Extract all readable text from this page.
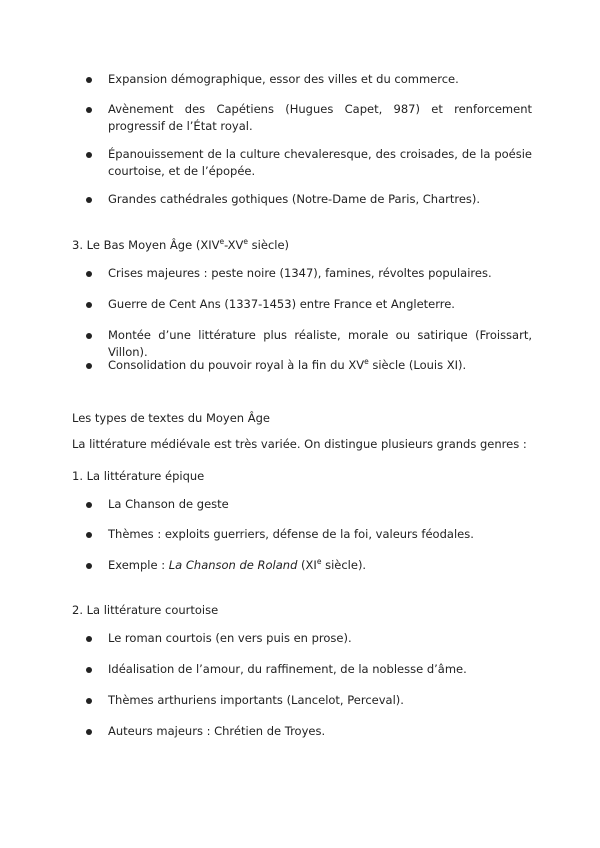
Expansion démographique, essor des villes et du commerce.
Avènement des Capétiens (Hugues Capet, 987) et renforcement progressif de l’État royal.
Épanouissement de la culture chevaleresque, des croisades, de la poésie courtoise, et de l’épopée.
Grandes cathédrales gothiques (Notre-Dame de Paris, Chartres).
3. Le Bas Moyen Âge (XIVe-XVe siècle)
Crises majeures : peste noire (1347), famines, révoltes populaires.
Guerre de Cent Ans (1337-1453) entre France et Angleterre.
Montée d’une littérature plus réaliste, morale ou satirique (Froissart, Villon).
Consolidation du pouvoir royal à la fin du XVe siècle (Louis XI).
Les types de textes du Moyen Âge
La littérature médiévale est très variée. On distingue plusieurs grands genres :
1. La littérature épique
La Chanson de geste
Thèmes : exploits guerriers, défense de la foi, valeurs féodales.
Exemple : La Chanson de Roland (XIe siècle).
2. La littérature courtoise
Le roman courtois (en vers puis en prose).
Idéalisation de l’amour, du raffinement, de la noblesse d’âme.
Thèmes arthuriens importants (Lancelot, Perceval).
Auteurs majeurs : Chrétien de Troyes.
